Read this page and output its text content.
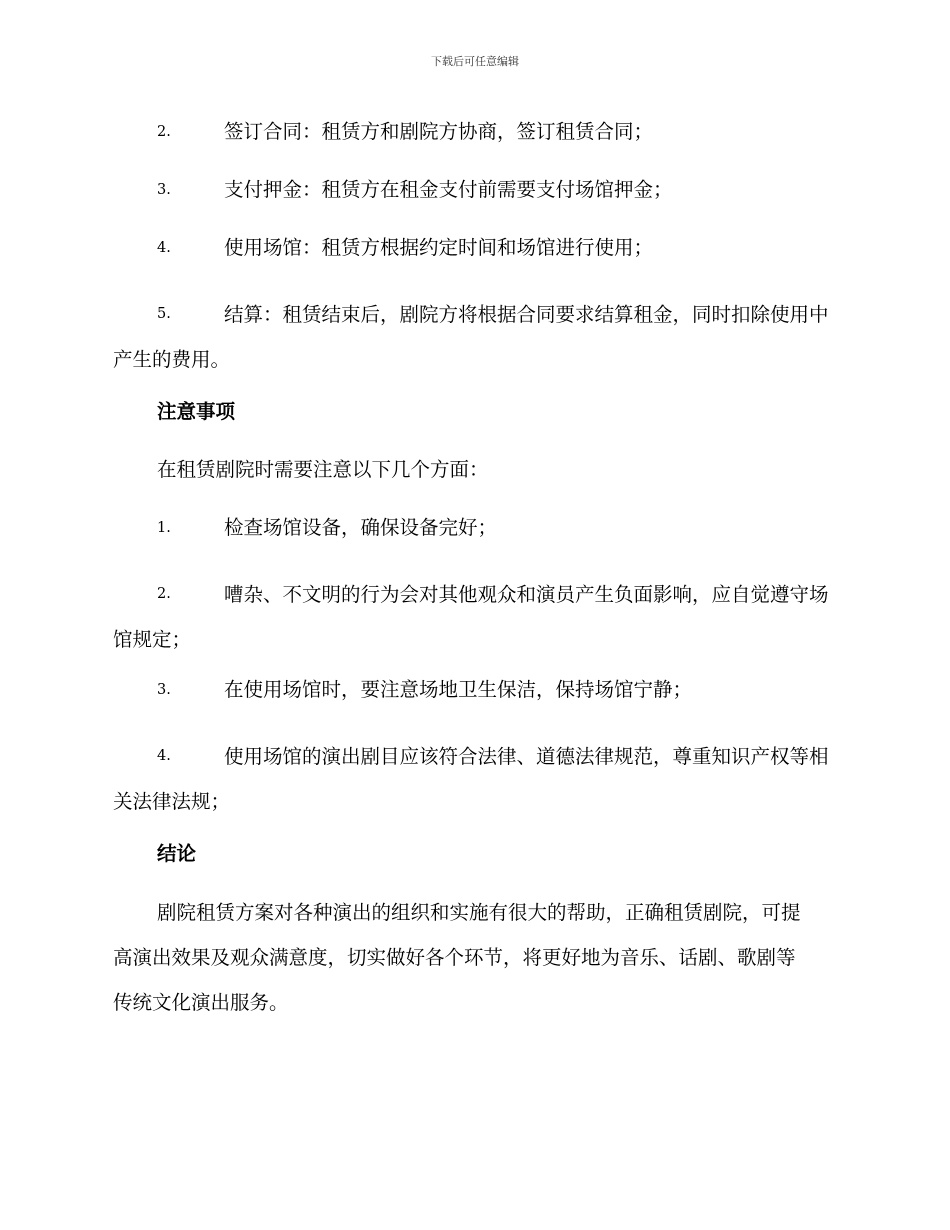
下载后可任意编辑

2.	签订合同：租赁方和剧院方协商，签订租赁合同；

3.	支付押金：租赁方在租金支付前需要支付场馆押金；

4.	使用场馆：租赁方根据约定时间和场馆进行使用；

5.	结算：租赁结束后，剧院方将根据合同要求结算租金，同时扣除使用中产生的费用。

注意事项

在租赁剧院时需要注意以下几个方面：

1.	检查场馆设备，确保设备完好；

2.	嘈杂、不文明的行为会对其他观众和演员产生负面影响，应自觉遵守场馆规定；

3.	在使用场馆时，要注意场地卫生保洁，保持场馆宁静；

4.	使用场馆的演出剧目应该符合法律、道德法律规范，尊重知识产权等相关法律法规；

结论

剧院租赁方案对各种演出的组织和实施有很大的帮助，正确租赁剧院，可提高演出效果及观众满意度，切实做好各个环节，将更好地为音乐、话剧、歌剧等传统文化演出服务。
